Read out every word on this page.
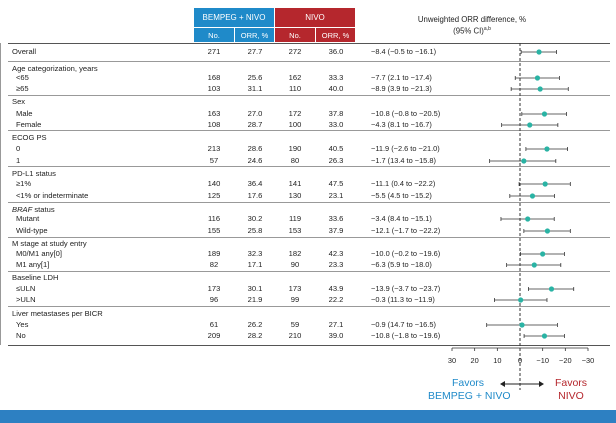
BEMPEG + NIVO	NIVO
No.	ORR, %	No.	ORR, %
Unweighted ORR difference, %
(95% CI)$^{a,b}$
Overall	271	27.7	272	36.0	−8.4 (−0.5 to −16.1)
Age categorization, years
<65	168	25.6	162	33.3	−7.7 (2.1 to −17.4)
≥65	103	31.1	110	40.0	−8.9 (3.9 to −21.3)
Sex
Male	163	27.0	172	37.8	−10.8 (−0.8 to −20.5)
Female	108	28.7	100	33.0	−4.3 (8.1 to −16.7)
ECOG PS
0	213	28.6	190	40.5	−11.9 (−2.6 to −21.0)
1	57	24.6	80	26.3	−1.7 (13.4 to −15.8)
PD-L1 status
≥1%	140	36.4	141	47.5	−11.1 (0.4 to −22.2)
<1% or indeterminate	125	17.6	130	23.1	−5.5 (4.5 to −15.2)
BRAF status
Mutant	116	30.2	119	33.6	−3.4 (8.4 to −15.1)
Wild-type	155	25.8	153	37.9	−12.1 (−1.7 to −22.2)
M stage at study entry
M0/M1 any[0]	189	32.3	182	42.3	−10.0 (−0.2 to −19.6)
M1 any[1]	82	17.1	90	23.3	−6.3 (5.9 to −18.0)
Baseline LDH
≤ULN	173	30.1	173	43.9	−13.9 (−3.7 to −23.7)
>ULN	96	21.9	99	22.2	−0.3 (11.3 to −11.9)
Liver metastases per BICR
Yes	61	26.2	59	27.1	−0.9 (14.7 to −16.5)
No	209	28.2	210	39.0	−10.8 (−1.8 to −19.6)
30 20 10 0 −10 −20 −30
Favors
BEMPEG + NIVO
Favors
NIVO
